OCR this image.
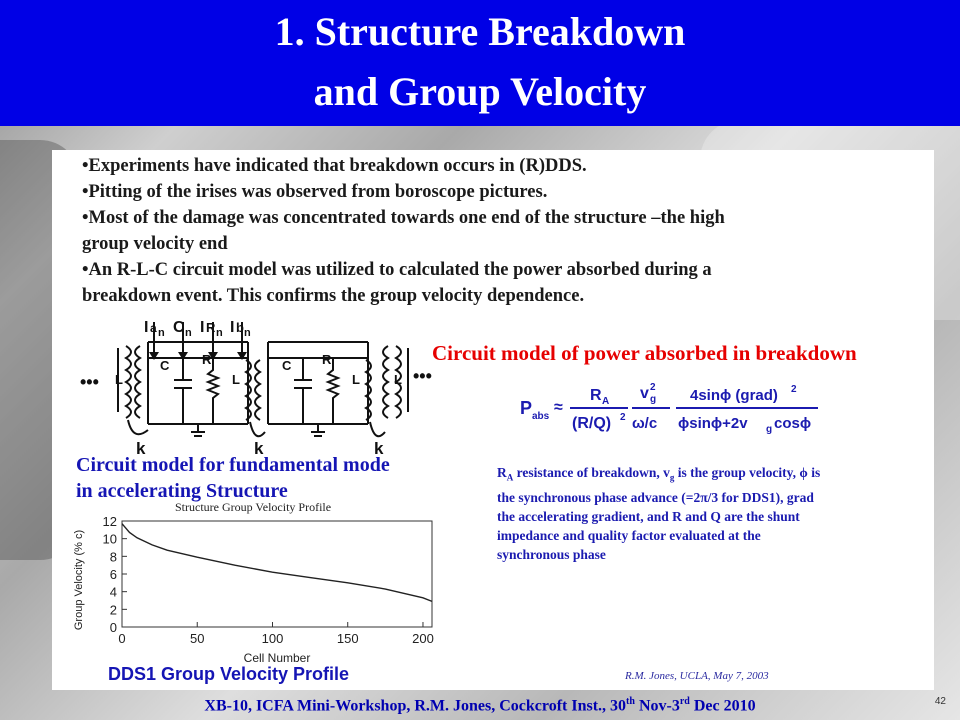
1. Structure Breakdown
and Group Velocity
•Experiments have indicated that breakdown occurs in (R)DDS.
•Pitting of the irises was observed from boroscope pictures.
•Most of the damage was concentrated towards one end of the structure –the high
group velocity end
•An R-L-C circuit model was utilized to calculated the power absorbed during a
breakdown event. This confirms the group velocity dependence.
I a n C n I R n I b n
•••	•••
L
C	R
L
C R
L	L
k	k	k
Circuit model of power absorbed in breakdown
P abs
≈
R A
(R/Q) 2
v g
2
ω/c
4sinϕ (grad) 2
ϕsinϕ+2v g cosϕ
Circuit model for fundamental mode
in accelerating Structure
$R_A$ resistance of breakdown, $v_g$ is the group velocity, ϕ is
the synchronous phase advance (=2π/3 for DDS1), grad
the accelerating gradient, and R and Q are the shunt
impedance and quality factor evaluated at the
synchronous phase
Structure Group Velocity Profile
0
2
4
6
8
10
12
0	50	100	150	200
Cell Number
Group Velocity (% c)
DDS1 Group Velocity Profile	R.M. Jones, UCLA, May 7, 2003
XB-10, ICFA Mini-Workshop, R.M. Jones, Cockcroft Inst., 30th Nov-3rd Dec 2010	42
